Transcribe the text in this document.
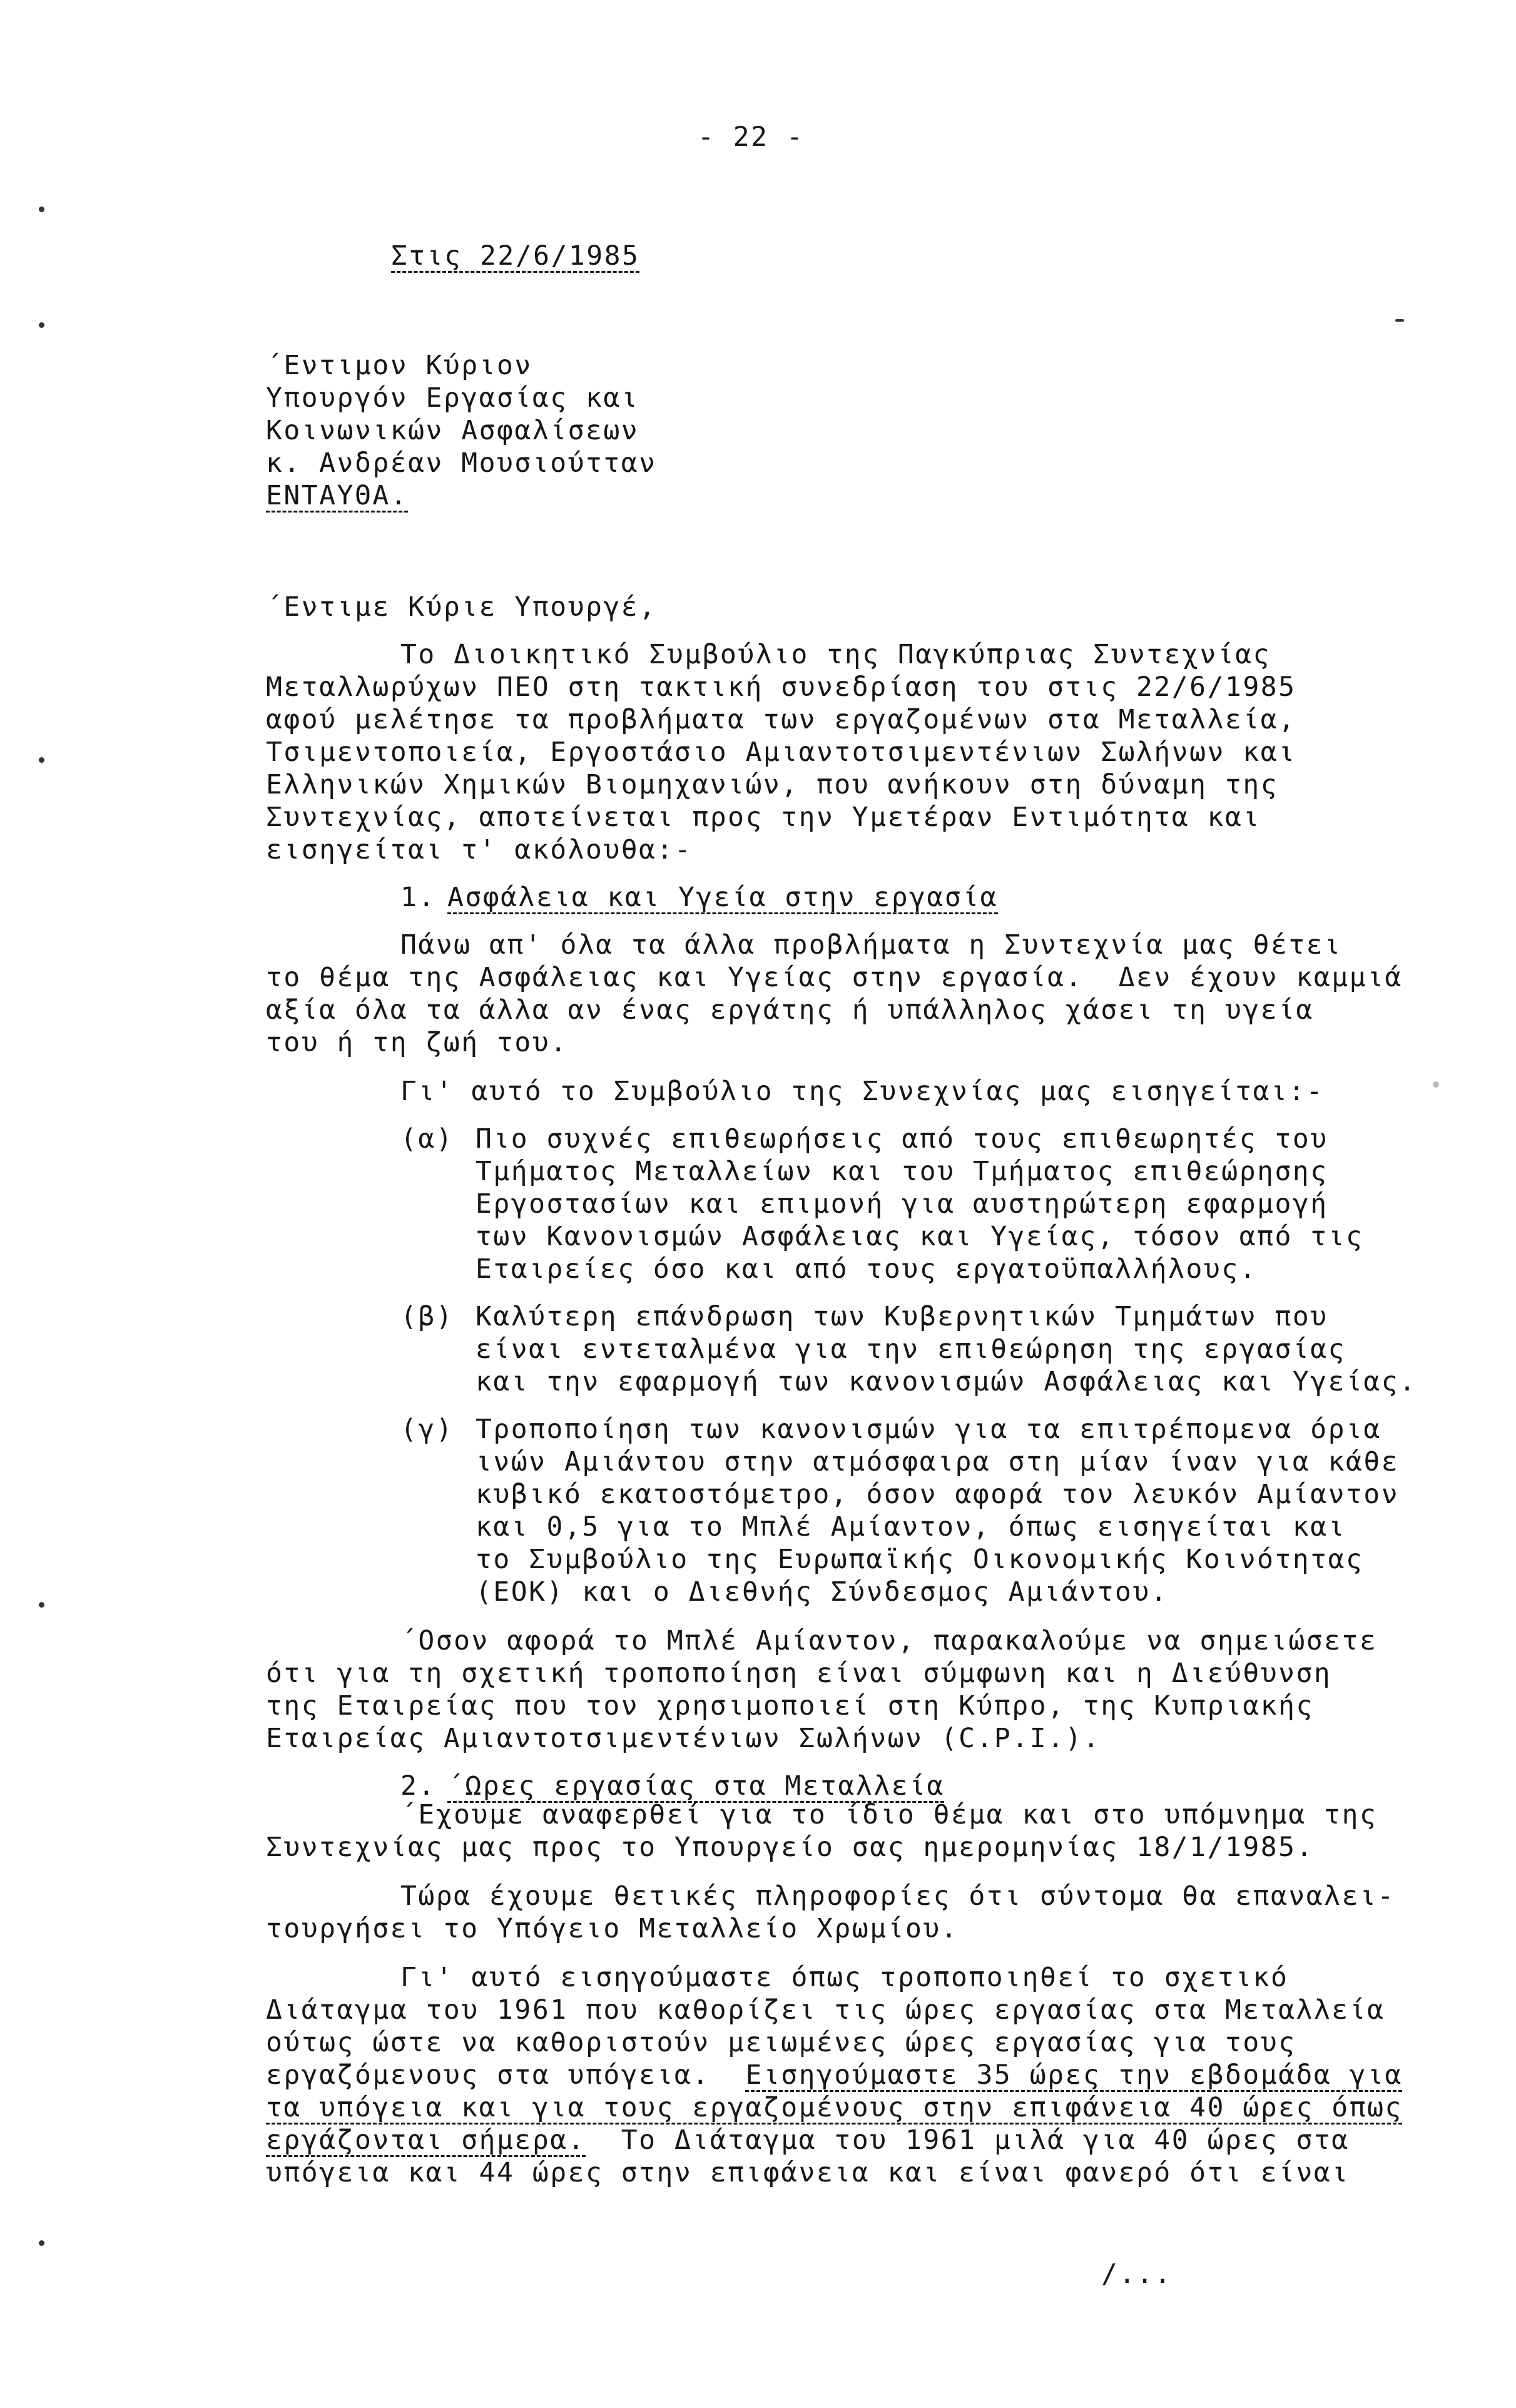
- 22 -
Στις 22/6/1985
΄Εντιμον Κύριον
Υπουργόν Εργασίας και
Κοινωνικών Ασφαλίσεων
κ. Ανδρέαν Μουσιούτταν
ΕΝΤΑΥΘΑ.
΄Εντιμε Κύριε Υπουργέ,
Το Διοικητικό Συμβούλιο της Παγκύπριας Συντεχνίας
Μεταλλωρύχων ΠΕΟ στη τακτική συνεδρίαση του στις 22/6/1985
αφού μελέτησε τα προβλήματα των εργαζομένων στα Μεταλλεία,
Τσιμεντοποιεία, Εργοστάσιο Αμιαντοτσιμεντένιων Σωλήνων και
Ελληνικών Χημικών Βιομηχανιών, που ανήκουν στη δύναμη της
Συντεχνίας, αποτείνεται προς την Υμετέραν Εντιμότητα και
εισηγείται τ' ακόλουθα:-
1. Ασφάλεια και Υγεία στην εργασία
Πάνω απ' όλα τα άλλα προβλήματα η Συντεχνία μας θέτει
το θέμα της Ασφάλειας και Υγείας στην εργασία.  Δεν έχουν καμμιά
αξία όλα τα άλλα αν ένας εργάτης ή υπάλληλος χάσει τη υγεία
του ή τη ζωή του.
Γι' αυτό το Συμβούλιο της Συνεχνίας μας εισηγείται:-
(α) Πιο συχνές επιθεωρήσεις από τους επιθεωρητές του
Τμήματος Μεταλλείων και του Τμήματος επιθεώρησης
Εργοστασίων και επιμονή για αυστηρώτερη εφαρμογή
των Κανονισμών Ασφάλειας και Υγείας, τόσον από τις
Εταιρείες όσο και από τους εργατοϋπαλλήλους.
(β) Καλύτερη επάνδρωση των Κυβερνητικών Τμημάτων που
είναι εντεταλμένα για την επιθεώρηση της εργασίας
και την εφαρμογή των κανονισμών Ασφάλειας και Υγείας.
(γ) Τροποποίηση των κανονισμών για τα επιτρέπομενα όρια
ινών Αμιάντου στην ατμόσφαιρα στη μίαν ίναν για κάθε
κυβικό εκατοστόμετρο, όσον αφορά τον λευκόν Αμίαντον
και 0,5 για το Μπλέ Αμίαντον, όπως εισηγείται και
το Συμβούλιο της Ευρωπαϊκής Οικονομικής Κοινότητας
(ΕΟΚ) και ο Διεθνής Σύνδεσμος Αμιάντου.
΄Οσον αφορά το Μπλέ Αμίαντον, παρακαλούμε να σημειώσετε
ότι για τη σχετική τροποποίηση είναι σύμφωνη και η Διεύθυνση
της Εταιρείας που τον χρησιμοποιεί στη Κύπρο, της Κυπριακής
Εταιρείας Αμιαντοτσιμεντένιων Σωλήνων (C.P.I.).
2. ΄Ωρες εργασίας στα Μεταλλεία
΄Εχουμε αναφερθεί για το ίδιο θέμα και στο υπόμνημα της
Συντεχνίας μας προς το Υπουργείο σας ημερομηνίας 18/1/1985.
Τώρα έχουμε θετικές πληροφορίες ότι σύντομα θα επαναλει-
τουργήσει το Υπόγειο Μεταλλείο Χρωμίου.
Γι' αυτό εισηγούμαστε όπως τροποποιηθεί το σχετικό
Διάταγμα του 1961 που καθορίζει τις ώρες εργασίας στα Μεταλλεία
ούτως ώστε να καθοριστούν μειωμένες ώρες εργασίας για τους
εργαζόμενους στα υπόγεια.  Εισηγούμαστε 35 ώρες την εβδομάδα για
τα υπόγεια και για τους εργαζομένους στην επιφάνεια 40 ώρες όπως
εργάζονται σήμερα.  Το Διάταγμα του 1961 μιλά για 40 ώρες στα
υπόγεια και 44 ώρες στην επιφάνεια και είναι φανερό ότι είναι
/...
